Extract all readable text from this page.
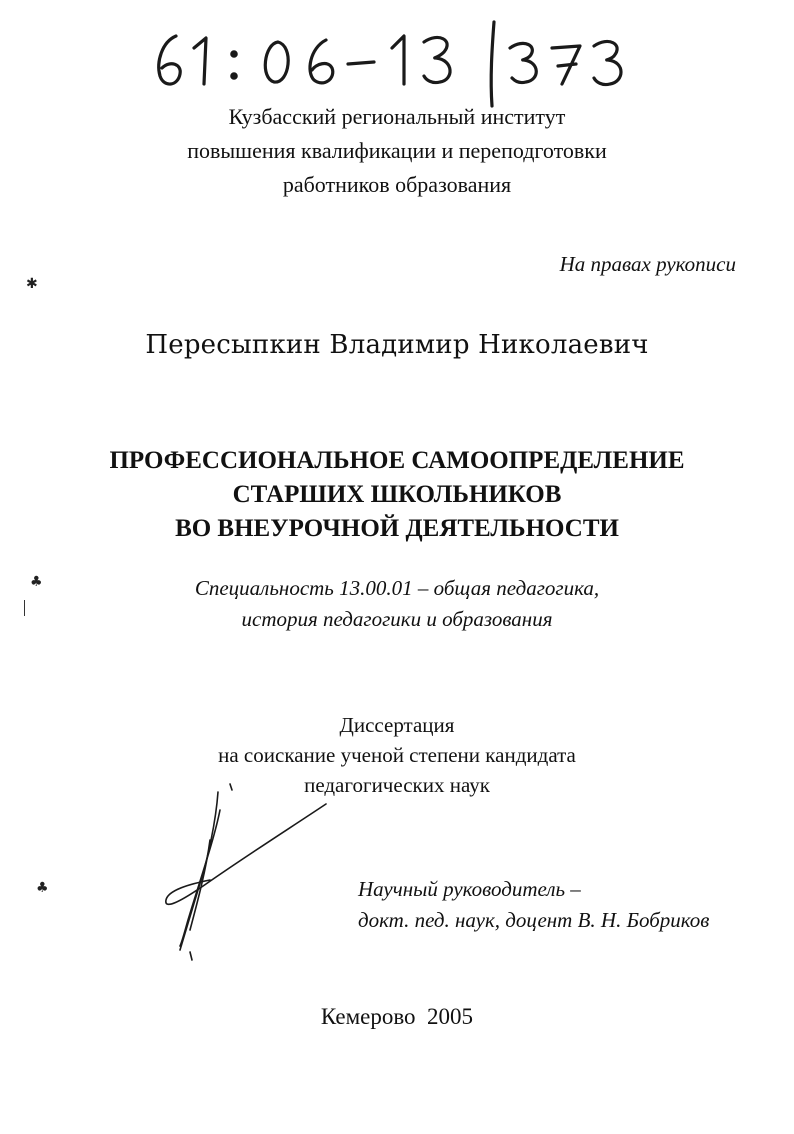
Кузбасский региональный институт
повышения квалификации и переподготовки
работников образования
✱
На правах рукописи
Пересыпкин Владимир Николаевич
ПРОФЕССИОНАЛЬНОЕ САМООПРЕДЕЛЕНИЕ
СТАРШИХ ШКОЛЬНИКОВ
ВО ВНЕУРОЧНОЙ ДЕЯТЕЛЬНОСТИ
♣	Специальность 13.00.01 – общая педагогика,
история педагогики и образования
Диссертация
на соискание ученой степени кандидата
педагогических наук
♣	Научный руководитель –
докт. пед. наук, доцент В. Н. Бобриков
Кемерово  2005
